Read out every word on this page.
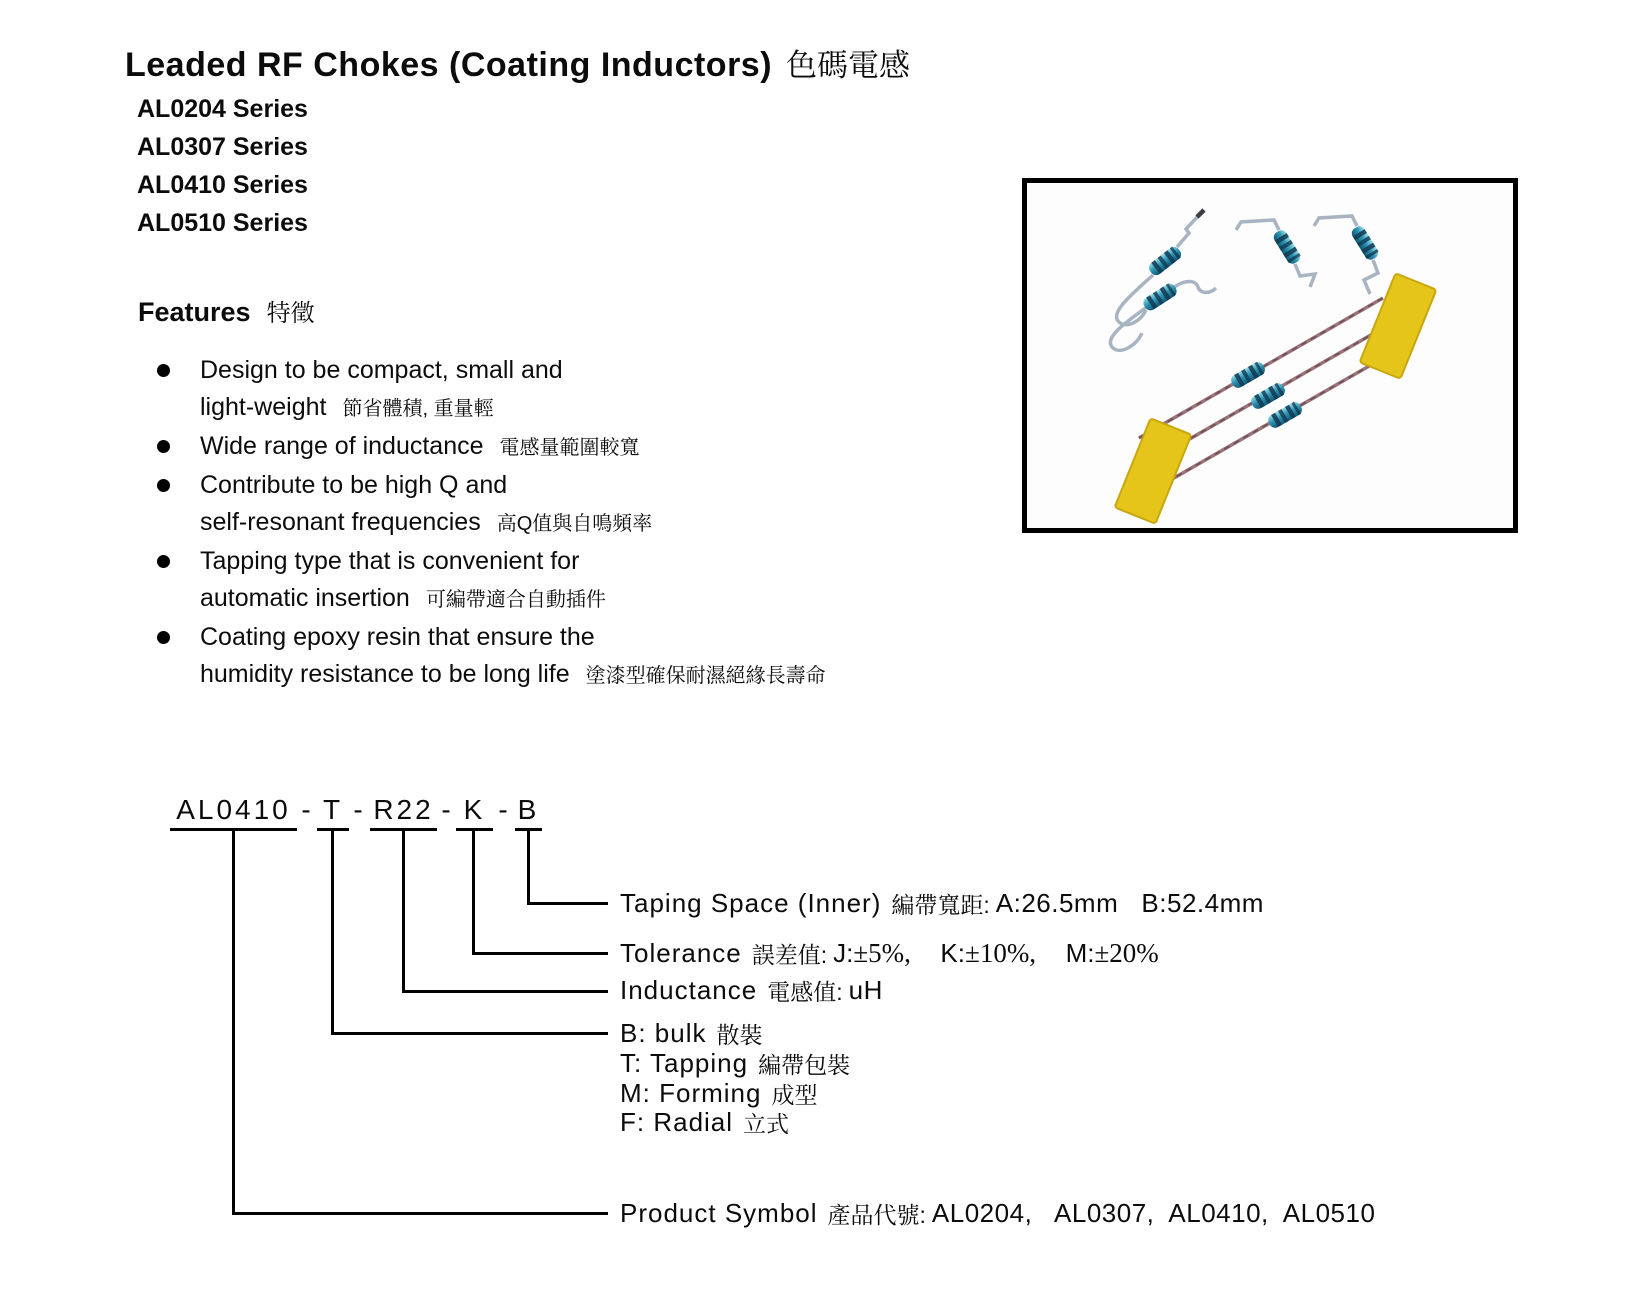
Leaded RF Chokes (Coating Inductors) 色碼電感
AL0204 Series
AL0307 Series
AL0410 Series
AL0510 Series
Features 特徵
Design to be compact, small and
light-weight 節省體積, 重量輕
Wide range of inductance 電感量範圍較寬
Contribute to be high Q and
self-resonant frequencies 高Q值與自鳴頻率
Tapping type that is convenient for
automatic insertion 可編帶適合自動插件
Coating epoxy resin that ensure the
humidity resistance to be long life 塗漆型確保耐濕絕緣長壽命
AL0410 - T - R22 - K - B
Taping Space (Inner) 編帶寬距: A:26.5mm   B:52.4mm
Tolerance 誤差值: J: ±5%, K: ±10%, M: ±20%
Inductance 電感值: uH
B: bulk 散裝
T: Tapping 編帶包裝
M: Forming 成型
F: Radial 立式
Product Symbol 產品代號: AL0204,   AL0307,  AL0410,  AL0510
